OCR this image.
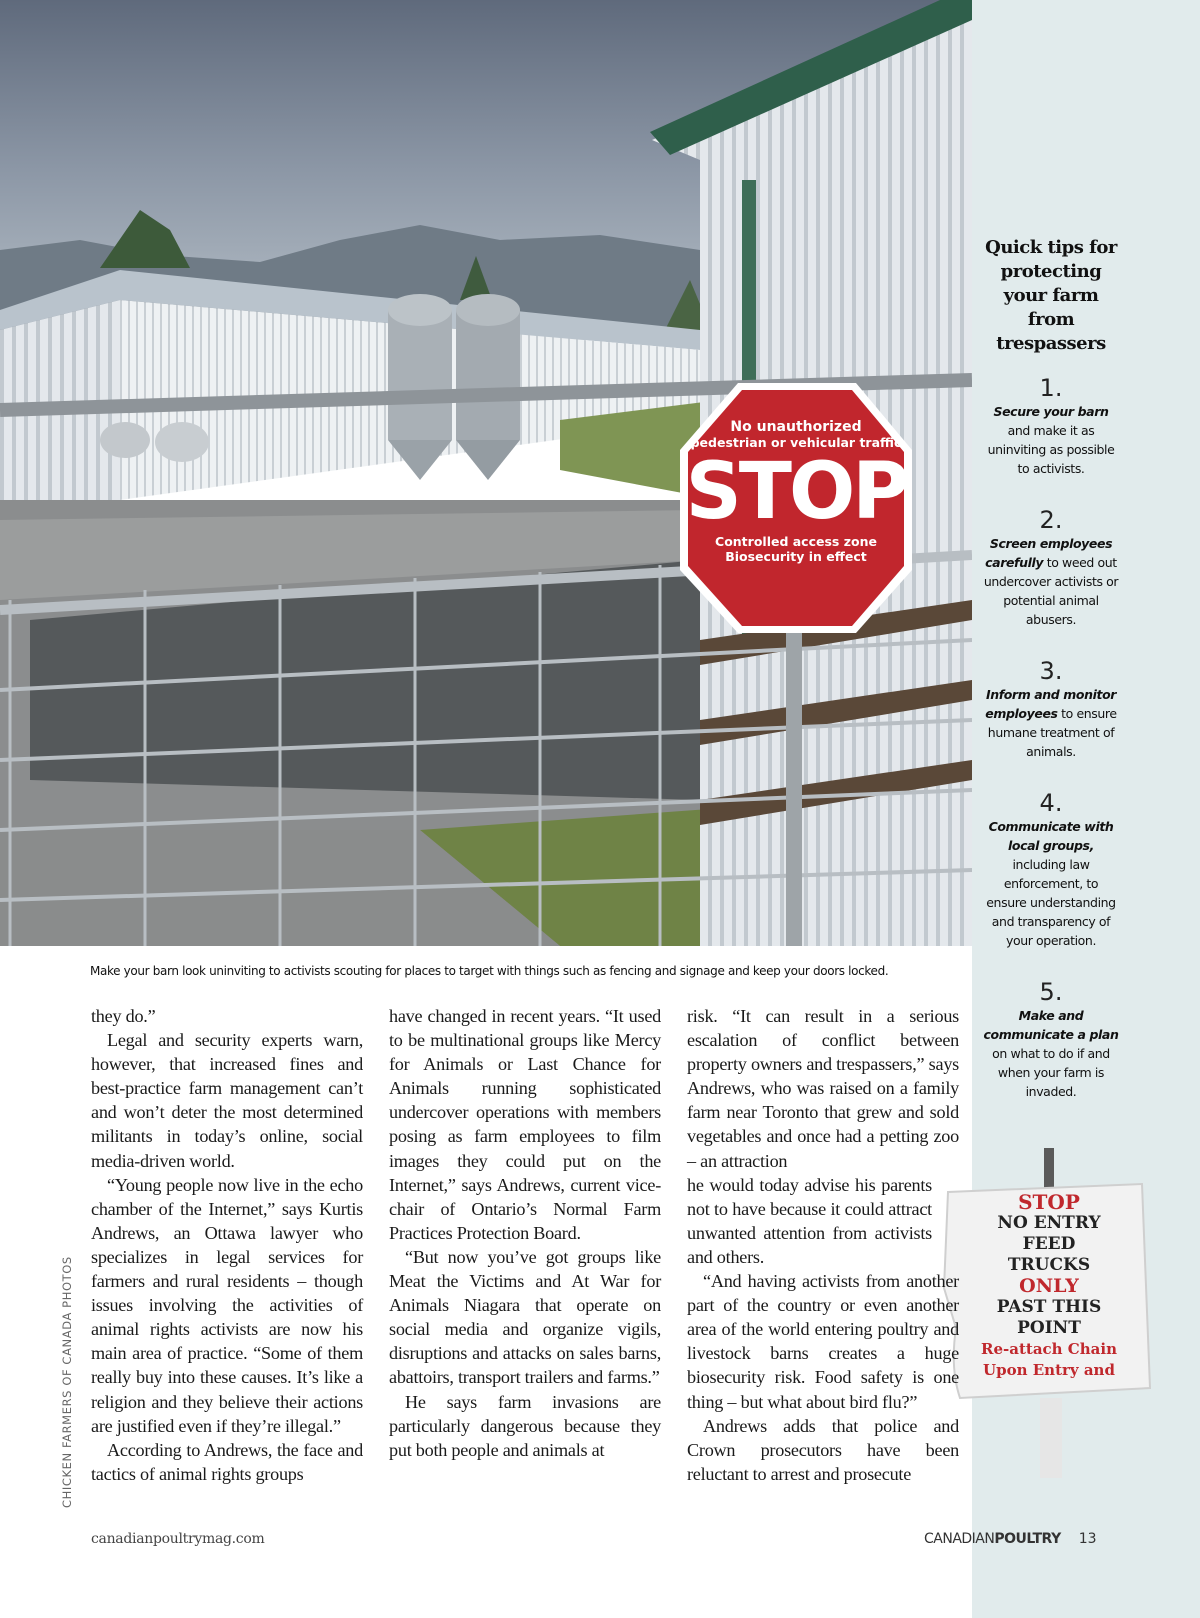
No unauthorized
pedestrian or vehicular traffic
STOP
Controlled access zone
Biosecurity in effect
Make your barn look uninviting to activists scouting for places to target with things such as fencing and signage and keep your doors locked.
CHICKEN FARMERS OF CANADA PHOTOS
Quick tips for protecting your farm from trespassers
1.
Secure your barn and make it as uninviting as possible to activists.
2.
Screen employees carefully to weed out undercover activists or potential animal abusers.
3.
Inform and monitor employees to ensure humane treatment of animals.
4.
Communicate with local groups, including law enforcement, to ensure understanding and transparency of your operation.
5.
Make and communicate a plan on what to do if and when your farm is invaded.
STOP
NO ENTRY
FEED
TRUCKS
ONLY
PAST THIS
POINT
Re-attach Chain
Upon Entry and

they do.”

Legal and security experts warn, however, that increased fines and best-practice farm management can’t and won’t deter the most determined militants in today’s online, social media-driven world.

“Young people now live in the echo chamber of the Internet,” says Kurtis Andrews, an Ottawa lawyer who specializes in legal services for farmers and rural residents – though issues involving the activities of animal rights activists are now his main area of practice. “Some of them really buy into these causes. It’s like a religion and they believe their actions are justified even if they’re illegal.”

According to Andrews, the face and tactics of animal rights groups

have changed in recent years. “It used to be multinational groups like Mercy for Animals or Last Chance for Animals running sophisticated undercover operations with members posing as farm employees to film images they could put on the Internet,” says Andrews, current vice-chair of Ontario’s Normal Farm Practices Protection Board.

“But now you’ve got groups like Meat the Victims and At War for Animals Niagara that operate on social media and organize vigils, disruptions and attacks on sales barns, abattoirs, transport trailers and farms.”

He says farm invasions are particularly dangerous because they put both people and animals at

risk. “It can result in a serious escalation of conflict between property owners and trespassers,” says Andrews, who was raised on a family farm near Toronto that grew and sold vegetables and once had a petting zoo – an attraction

he would today advise his parents not to have because it could attract unwanted attention from activists and others.

“And having activists from another part of the country or even another area of the world entering poultry and livestock barns creates a huge biosecurity risk. Food safety is one thing – but what about bird flu?”

Andrews adds that police and Crown prosecutors have been reluctant to arrest and prosecute

canadianpoultrymag.com	CANADIANPOULTRY 13
